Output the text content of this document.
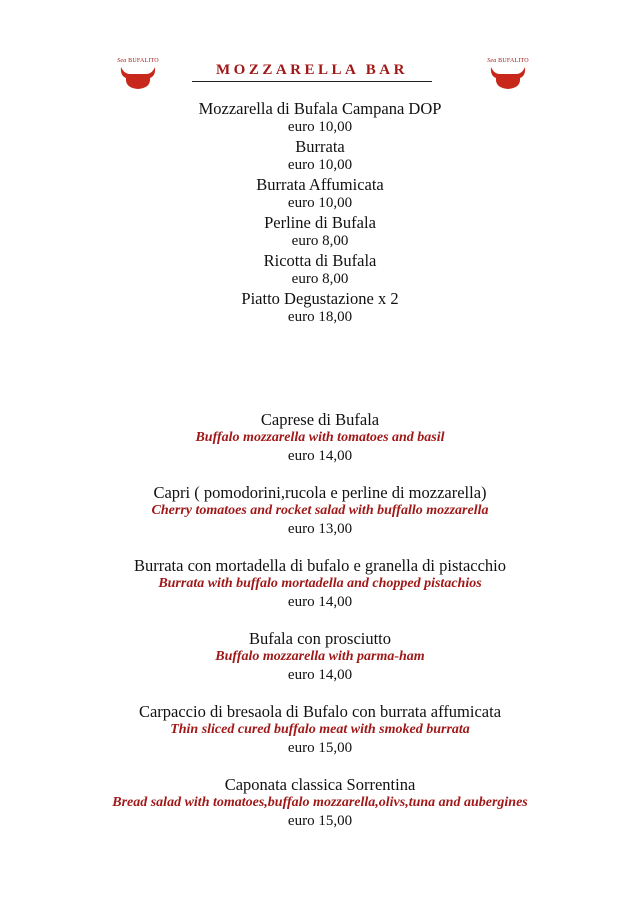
Sea BUFALITO
MOZZARELLA BAR
Sea BUFALITO
Mozzarella di Bufala Campana DOP
euro 10,00
Burrata
euro 10,00
Burrata Affumicata
euro 10,00
Perline di Bufala
euro 8,00
Ricotta di Bufala
euro 8,00
Piatto Degustazione x 2
euro 18,00
Caprese di Bufala
Buffalo mozzarella with tomatoes and basil
euro 14,00
Capri ( pomodorini,rucola e perline di mozzarella)
Cherry tomatoes and rocket salad with buffallo mozzarella
euro 13,00
Burrata con mortadella di bufalo e granella di pistacchio
Burrata with buffalo mortadella and chopped pistachios
euro 14,00
Bufala con prosciutto
Buffalo mozzarella with parma-ham
euro 14,00
Carpaccio di bresaola di Bufalo con burrata affumicata
Thin sliced cured buffalo meat with smoked burrata
euro 15,00
Caponata classica Sorrentina
Bread salad with tomatoes,buffalo mozzarella,olivs,tuna and aubergines
euro 15,00
